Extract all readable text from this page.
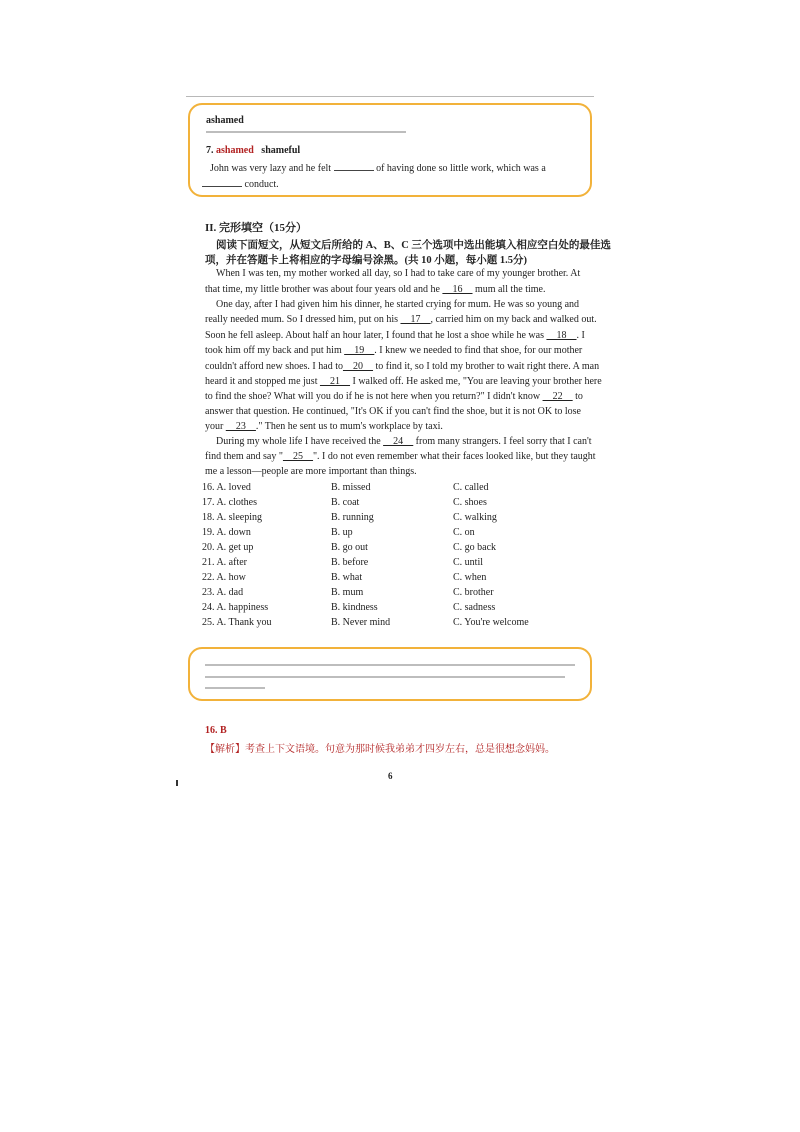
ashamed
7. ashamed shameful
John was very lazy and he felt	of having done so little work, which was a
conduct.
II. 完形填空（15分）
阅读下面短文，从短文后所给的 A、B、C 三个选项中选出能填入相应空白处的最佳选
项，并在答题卡上将相应的字母编号涂黑。(共 10 小题，每小题 1.5分)
When I was ten, my mother worked all day, so I had to take care of my younger brother. At
that time, my little brother was about four years old and he __16__ mum all the time.
One day, after I had given him his dinner, he started crying for mum. He was so young and
really needed mum. So I dressed him, put on his __17__, carried him on my back and walked out.
Soon he fell asleep. About half an hour later, I found that he lost a shoe while he was __18__. I
took him off my back and put him __19__. I knew we needed to find that shoe, for our mother
couldn't afford new shoes. I had to__20__ to find it, so I told my brother to wait right there. A man
heard it and stopped me just __21__ I walked off. He asked me, "You are leaving your brother here
to find the shoe? What will you do if he is not here when you return?" I didn't know __22__ to
answer that question. He continued, "It's OK if you can't find the shoe, but it is not OK to lose
your __23__." Then he sent us to mum's workplace by taxi.
During my whole life I have received the __24__ from many strangers. I feel sorry that I can't
find them and say "__25__". I do not even remember what their faces looked like, but they taught
me a lesson—people are more important than things.
16. A. loved	B. missed	C. called
17. A. clothes	B. coat	C. shoes
18. A. sleeping	B. running	C. walking
19. A. down	B. up	C. on
20. A. get up	B. go out	C. go back
21. A. after	B. before	C. until
22. A. how	B. what	C. when
23. A. dad	B. mum	C. brother
24. A. happiness	B. kindness	C. sadness
25. A. Thank you	B. Never mind	C. You're welcome
16. B
【解析】考查上下文语境。句意为那时候我弟弟才四岁左右，总是很想念妈妈。
6
